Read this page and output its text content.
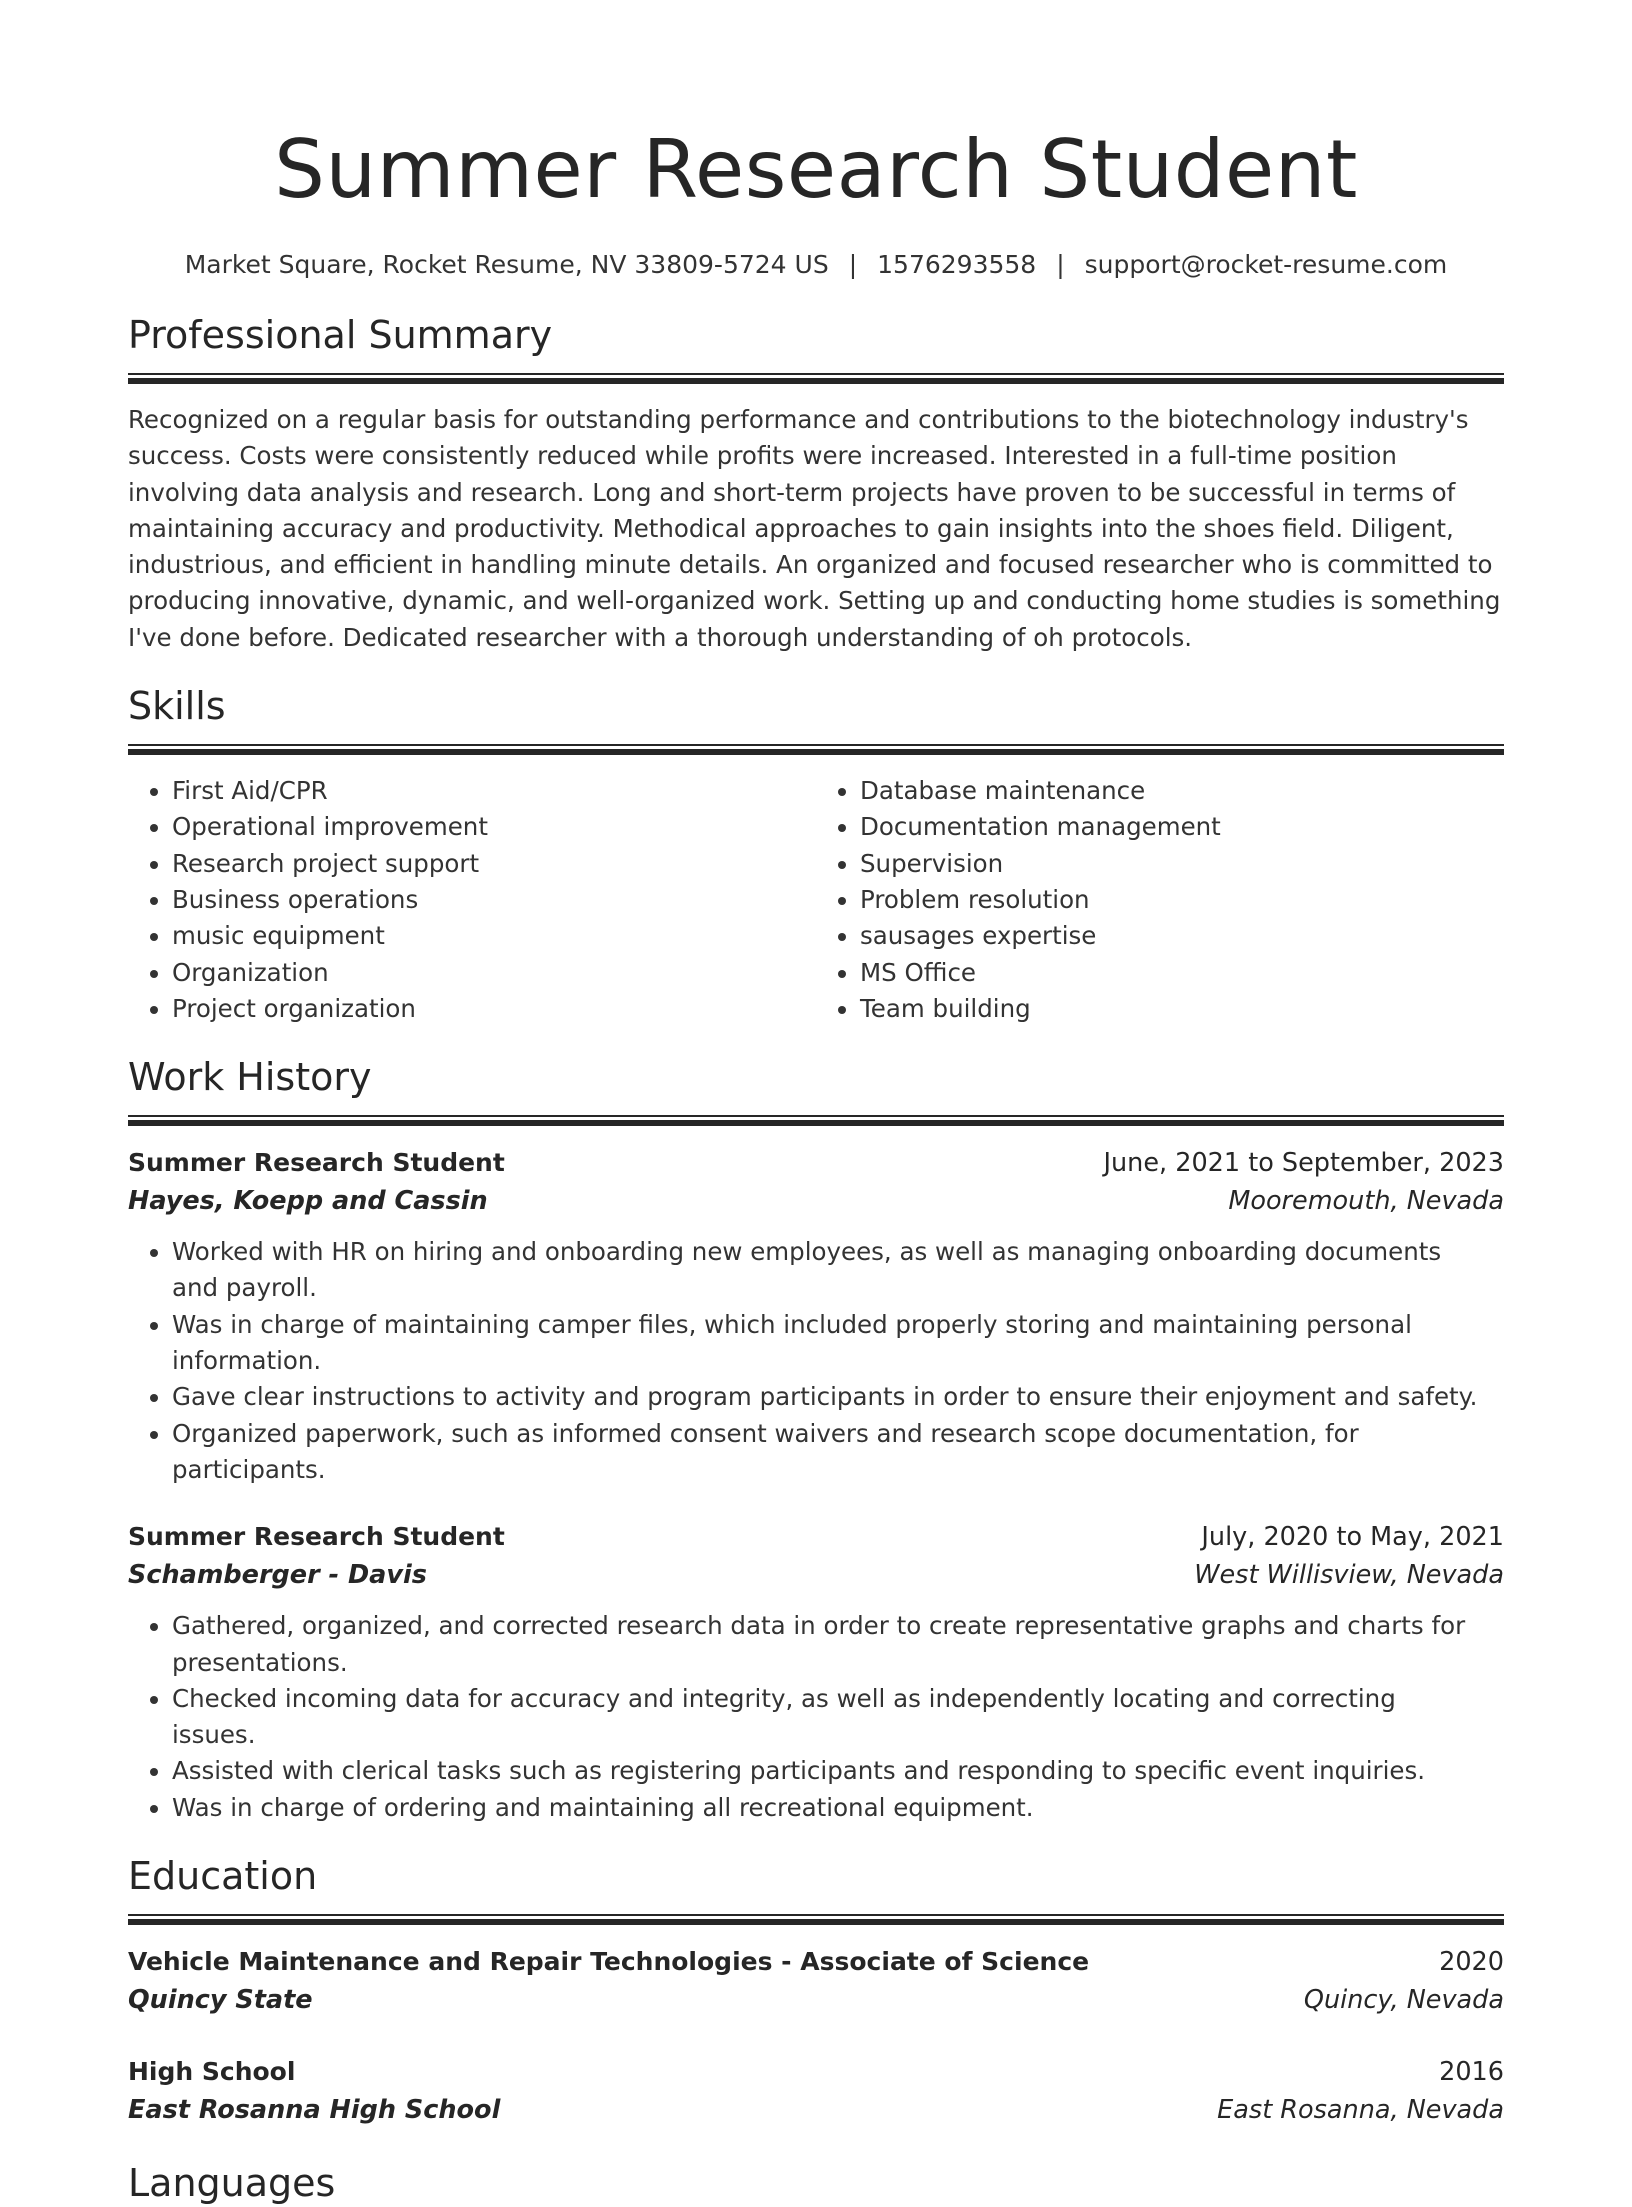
Summer Research Student
Market Square, Rocket Resume, NV 33809-5724 US | 1576293558 | support@rocket-resume.com
Professional Summary

Recognized on a regular basis for outstanding performance and contributions to the biotechnology industry's success. Costs were consistently reduced while profits were increased. Interested in a full-time position involving data analysis and research. Long and short-term projects have proven to be successful in terms of maintaining accuracy and productivity. Methodical approaches to gain insights into the shoes field. Diligent, industrious, and efficient in handling minute details. An organized and focused researcher who is committed to producing innovative, dynamic, and well-organized work. Setting up and conducting home studies is something I've done before. Dedicated researcher with a thorough understanding of oh protocols.

Skills
• First Aid/CPR
• Operational improvement
• Research project support
• Business operations
• music equipment
• Organization
• Project organization
• Database maintenance
• Documentation management
• Supervision
• Problem resolution
• sausages expertise
• MS Office
• Team building
Work History
Summer Research Student	June, 2021 to September, 2023
Hayes, Koepp and Cassin	Mooremouth, Nevada
• Worked with HR on hiring and onboarding new employees, as well as managing onboarding documents and payroll.
• Was in charge of maintaining camper files, which included properly storing and maintaining personal information.
• Gave clear instructions to activity and program participants in order to ensure their enjoyment and safety.
• Organized paperwork, such as informed consent waivers and research scope documentation, for participants.
Summer Research Student	July, 2020 to May, 2021
Schamberger - Davis	West Willisview, Nevada
• Gathered, organized, and corrected research data in order to create representative graphs and charts for presentations.
• Checked incoming data for accuracy and integrity, as well as independently locating and correcting issues.
• Assisted with clerical tasks such as registering participants and responding to specific event inquiries.
• Was in charge of ordering and maintaining all recreational equipment.
Education
Vehicle Maintenance and Repair Technologies - Associate of Science	2020
Quincy State	Quincy, Nevada
High School	2016
East Rosanna High School	East Rosanna, Nevada
Languages
